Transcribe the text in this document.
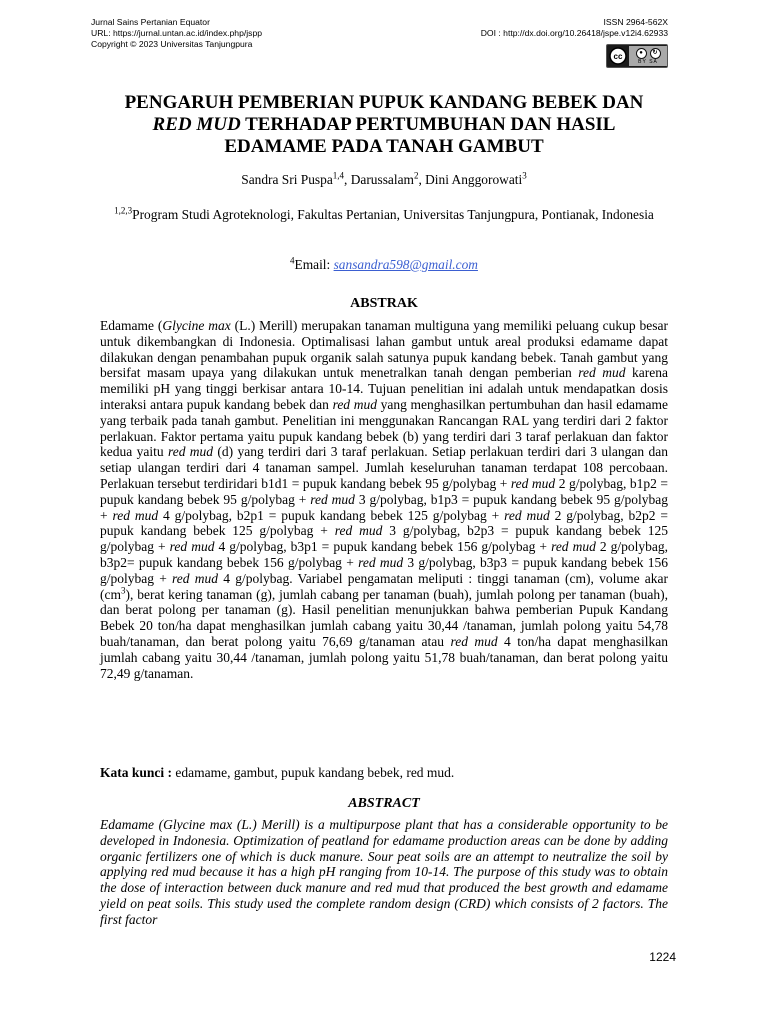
Jurnal Sains Pertanian Equator
URL: https://jurnal.untan.ac.id/index.php/jspp
Copyright © 2023 Universitas Tanjungpura
ISSN 2964-562X
DOI : http://dx.doi.org/10.26418/jspe.v12i4.62933
cc	●	↻
BY SA
PENGARUH PEMBERIAN PUPUK KANDANG BEBEK DAN
RED MUD TERHADAP PERTUMBUHAN DAN HASIL
EDAMAME PADA TANAH GAMBUT
Sandra Sri Puspa$^{1,4}$, Darussalam$^2$, Dini Anggorowati$^3$
$^{1,2,3}$Program Studi Agroteknologi, Fakultas Pertanian, Universitas Tanjungpura, Pontianak, Indonesia
$^4$Email: sansandra598@gmail.com
ABSTRAK
Edamame (Glycine max (L.) Merill) merupakan tanaman multiguna yang memiliki peluang cukup besar untuk dikembangkan di Indonesia. Optimalisasi lahan gambut untuk areal produksi edamame dapat dilakukan dengan penambahan pupuk organik salah satunya pupuk kandang bebek. Tanah gambut yang bersifat masam upaya yang dilakukan untuk menetralkan tanah dengan pemberian red mud karena memiliki pH yang tinggi berkisar antara 10-14. Tujuan penelitian ini adalah untuk mendapatkan dosis interaksi antara pupuk kandang bebek dan red mud yang menghasilkan pertumbuhan dan hasil edamame yang terbaik pada tanah gambut. Penelitian ini menggunakan Rancangan RAL yang terdiri dari 2 faktor perlakuan. Faktor pertama yaitu pupuk kandang bebek (b) yang terdiri dari 3 taraf perlakuan dan faktor kedua yaitu red mud (d) yang terdiri dari 3 taraf perlakuan. Setiap perlakuan terdiri dari 3 ulangan dan setiap ulangan terdiri dari 4 tanaman sampel. Jumlah keseluruhan tanaman terdapat 108 percobaan. Perlakuan tersebut terdiridari b1d1 = pupuk kandang bebek 95 g/polybag + red mud 2 g/polybag, b1p2 = pupuk kandang bebek 95 g/polybag + red mud 3 g/polybag, b1p3 = pupuk kandang bebek 95 g/polybag + red mud 4 g/polybag, b2p1 = pupuk kandang bebek 125 g/polybag + red mud 2 g/polybag, b2p2 = pupuk kandang bebek 125 g/polybag + red mud 3 g/polybag, b2p3 = pupuk kandang bebek 125 g/polybag + red mud 4 g/polybag, b3p1 = pupuk kandang bebek 156 g/polybag + red mud 2 g/polybag, b3p2= pupuk kandang bebek 156 g/polybag + red mud 3 g/polybag, b3p3 = pupuk kandang bebek 156 g/polybag + red mud 4 g/polybag. Variabel pengamatan meliputi : tinggi tanaman (cm), volume akar $(cm^3)$, berat kering tanaman (g), jumlah cabang per tanaman (buah), jumlah polong per tanaman (buah), dan berat polong per tanaman (g). Hasil penelitian menunjukkan bahwa pemberian Pupuk Kandang Bebek 20 ton/ha dapat menghasilkan jumlah cabang yaitu 30,44 /tanaman, jumlah polong yaitu 54,78 buah/tanaman, dan berat polong yaitu 76,69 g/tanaman atau red mud 4 ton/ha dapat menghasilkan jumlah cabang yaitu 30,44 /tanaman, jumlah polong yaitu 51,78 buah/tanaman, dan berat polong yaitu 72,49 g/tanaman.
Kata kunci : edamame, gambut, pupuk kandang bebek, red mud.
ABSTRACT
Edamame (Glycine max (L.) Merill) is a multipurpose plant that has a considerable opportunity to be developed in Indonesia. Optimization of peatland for edamame production areas can be done by adding organic fertilizers one of which is duck manure. Sour peat soils are an attempt to neutralize the soil by applying red mud because it has a high pH ranging from 10-14. The purpose of this study was to obtain the dose of interaction between duck manure and red mud that produced the best growth and edamame yield on peat soils. This study used the complete random design (CRD) which consists of 2 factors. The first factor
1224
